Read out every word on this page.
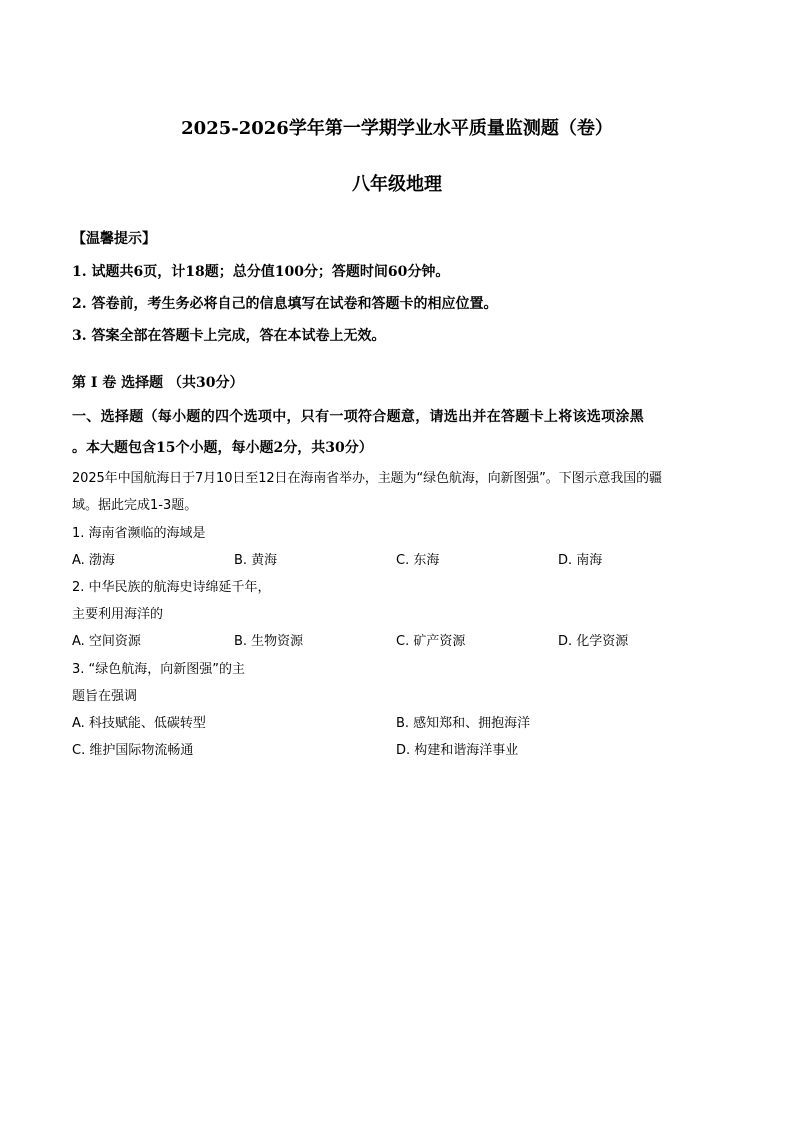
2025-2026学年第一学期学业水平质量监测题（卷）
八年级地理
【温馨提示】
1. 试题共6页，计18题；总分值100分；答题时间60分钟。
2. 答卷前，考生务必将自己的信息填写在试卷和答题卡的相应位置。
3. 答案全部在答题卡上完成，答在本试卷上无效。
第 I 卷 选择题 （共30分）
一、选择题（每小题的四个选项中，只有一项符合题意，请选出并在答题卡上将该选项涂黑
。本大题包含15个小题，每小题2分，共30分）
2025年中国航海日于7月10日至12日在海南省举办，主题为“绿色航海，向新图强”。下图示意我国的疆
域。据此完成1-3题。
1. 海南省濒临的海域是
A. 渤海	B. 黄海	C. 东海	D. 南海
2. 中华民族的航海史诗绵延千年，
主要利用海洋的
A. 空间资源	B. 生物资源	C. 矿产资源	D. 化学资源
3. “绿色航海，向新图强”的主
题旨在强调
A. 科技赋能、低碳转型	B. 感知郑和、拥抱海洋
C. 维护国际物流畅通	D. 构建和谐海洋事业
